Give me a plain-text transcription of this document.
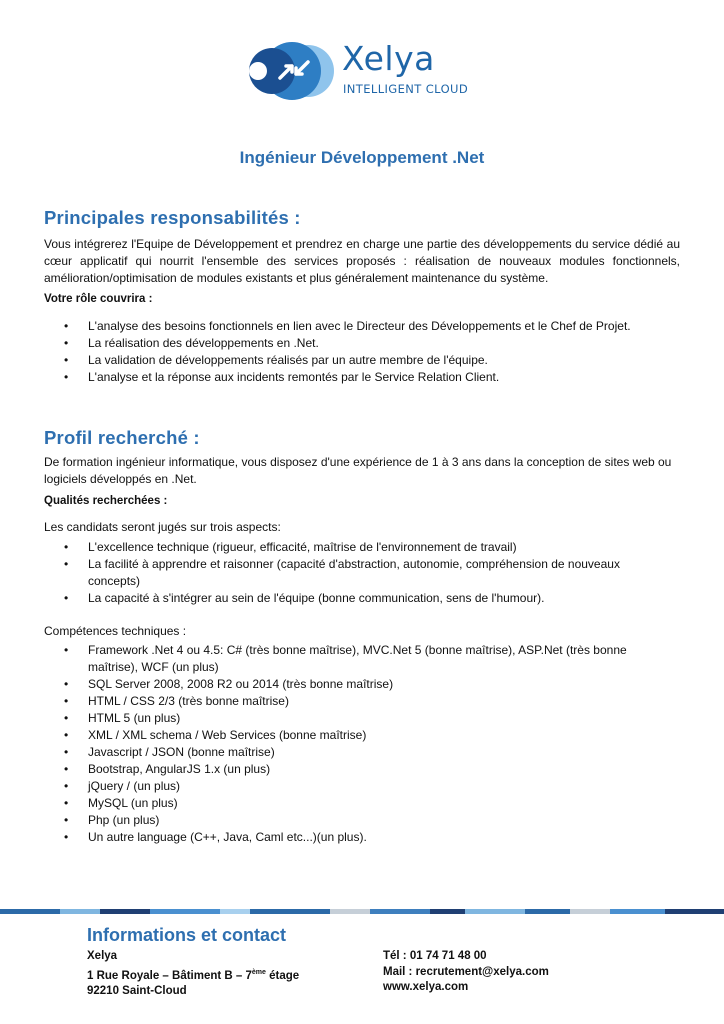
Xelya
INTELLIGENT CLOUD
Ingénieur Développement .Net
Principales responsabilités :

Vous intégrerez l'Equipe de Développement et prendrez en charge une partie des développements du service dédié au cœur applicatif qui nourrit l'ensemble des services proposés : réalisation de nouveaux modules fonctionnels, amélioration/optimisation de modules existants et plus généralement maintenance du système.

Votre rôle couvrira :

• L'analyse des besoins fonctionnels en lien avec le Directeur des Développements et le Chef de Projet.
• La réalisation des développements en .Net.
• La validation de développements réalisés par un autre membre de l'équipe.
• L'analyse et la réponse aux incidents remontés par le Service Relation Client.
Profil recherché :

De formation ingénieur informatique, vous disposez d'une expérience de 1 à 3 ans dans la conception de sites web ou logiciels développés en .Net.

Qualités recherchées :

Les candidats seront jugés sur trois aspects:

• L'excellence technique (rigueur, efficacité, maîtrise de l'environnement de travail)
• La facilité à apprendre et raisonner (capacité d'abstraction, autonomie, compréhension de nouveaux concepts)
• La capacité à s'intégrer au sein de l'équipe (bonne communication, sens de l'humour).

Compétences techniques :

• Framework .Net 4 ou 4.5: C# (très bonne maîtrise), MVC.Net 5 (bonne maîtrise), ASP.Net (très bonne maîtrise), WCF (un plus)
• SQL Server 2008, 2008 R2 ou 2014 (très bonne maîtrise)
• HTML / CSS 2/3 (très bonne maîtrise)
• HTML 5 (un plus)
• XML / XML schema / Web Services (bonne maîtrise)
• Javascript / JSON (bonne maîtrise)
• Bootstrap, AngularJS 1.x (un plus)
• jQuery / (un plus)
• MySQL (un plus)
• Php (un plus)
• Un autre language (C++, Java, Caml etc...)(un plus).
Informations et contact
Xelya
1 Rue Royale – Bâtiment B – 7ème étage
92210 Saint-Cloud
Tél : 01 74 71 48 00
Mail : recrutement@xelya.com
www.xelya.com
